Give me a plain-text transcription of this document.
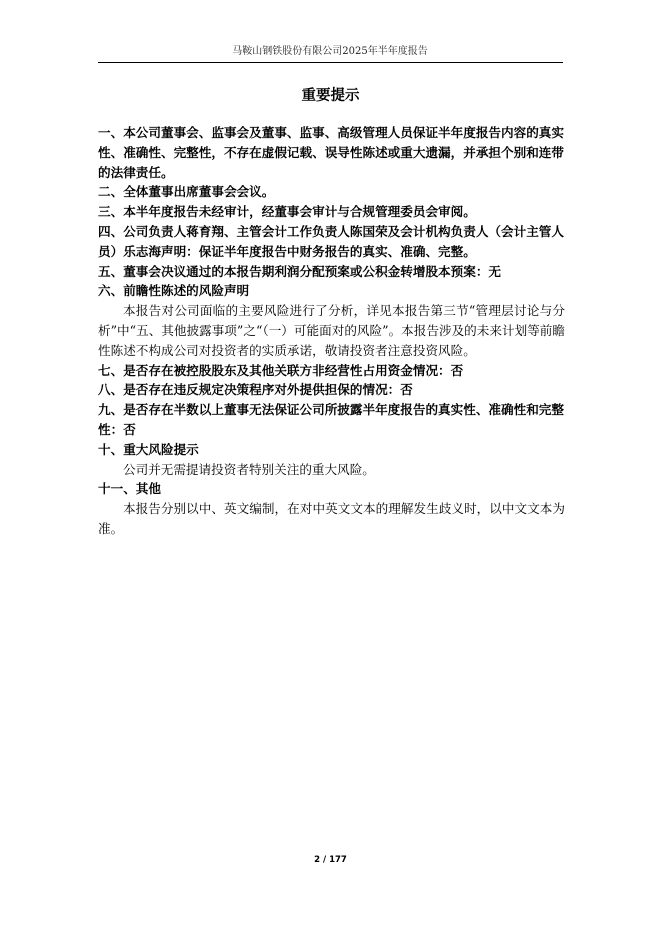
马鞍山钢铁股份有限公司2025年半年度报告
重要提示

一、本公司董事会、监事会及董事、监事、高级管理人员保证半年度报告内容的真实性、准确性、完整性，不存在虚假记载、误导性陈述或重大遗漏，并承担个别和连带的法律责任。

二、全体董事出席董事会会议。

三、本半年度报告未经审计，经董事会审计与合规管理委员会审阅。

四、公司负责人蒋育翔、主管会计工作负责人陈国荣及会计机构负责人（会计主管人员）乐志海声明：保证半年度报告中财务报告的真实、准确、完整。

五、董事会决议通过的本报告期利润分配预案或公积金转增股本预案：无

六、前瞻性陈述的风险声明

本报告对公司面临的主要风险进行了分析，详见本报告第三节“管理层讨论与分析”中“五、其他披露事项”之“（一）可能面对的风险”。本报告涉及的未来计划等前瞻性陈述不构成公司对投资者的实质承诺，敬请投资者注意投资风险。

七、是否存在被控股股东及其他关联方非经营性占用资金情况：否

八、是否存在违反规定决策程序对外提供担保的情况：否

九、是否存在半数以上董事无法保证公司所披露半年度报告的真实性、准确性和完整性：否

十、重大风险提示

公司并无需提请投资者特别关注的重大风险。

十一、其他

本报告分别以中、英文编制，在对中英文文本的理解发生歧义时，以中文文本为准。

2 / 177
